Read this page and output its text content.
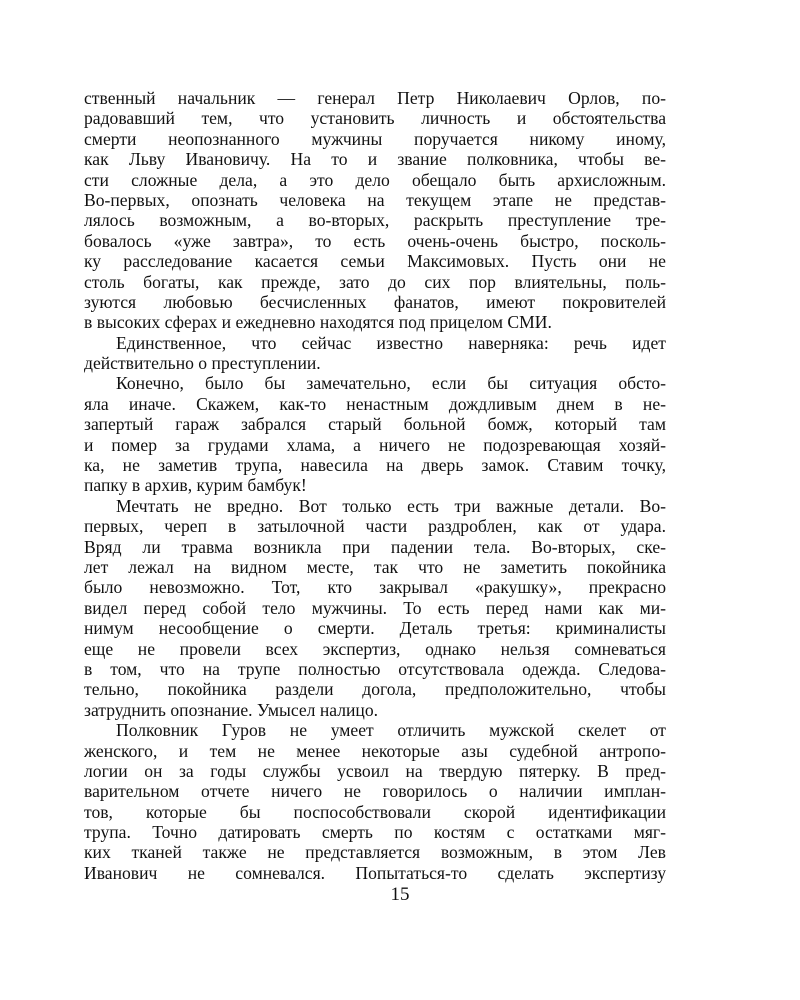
ственный начальник — генерал Петр Николаевич Орлов, по-
радовавший тем, что установить личность и обстоятельства
смерти неопознанного мужчины поручается никому иному,
как Льву Ивановичу. На то и звание полковника, чтобы ве-
сти сложные дела, а это дело обещало быть архисложным.
Во-первых, опознать человека на текущем этапе не представ-
лялось возможным, а во-вторых, раскрыть преступление тре-
бовалось «уже завтра», то есть очень-очень быстро, посколь-
ку расследование касается семьи Максимовых. Пусть они не
столь богаты, как прежде, зато до сих пор влиятельны, поль-
зуются любовью бесчисленных фанатов, имеют покровителей
в высоких сферах и ежедневно находятся под прицелом СМИ.
Единственное, что сейчас известно наверняка: речь идет
действительно о преступлении.
Конечно, было бы замечательно, если бы ситуация обсто-
яла иначе. Скажем, как-то ненастным дождливым днем в не-
запертый гараж забрался старый больной бомж, который там
и помер за грудами хлама, а ничего не подозревающая хозяй-
ка, не заметив трупа, навесила на дверь замок. Ставим точку,
папку в архив, курим бамбук!
Мечтать не вредно. Вот только есть три важные детали. Во-
первых, череп в затылочной части раздроблен, как от удара.
Вряд ли травма возникла при падении тела. Во-вторых, ске-
лет лежал на видном месте, так что не заметить покойника
было невозможно. Тот, кто закрывал «ракушку», прекрасно
видел перед собой тело мужчины. То есть перед нами как ми-
нимум несообщение о смерти. Деталь третья: криминалисты
еще не провели всех экспертиз, однако нельзя сомневаться
в том, что на трупе полностью отсутствовала одежда. Следова-
тельно, покойника раздели догола, предположительно, чтобы
затруднить опознание. Умысел налицо.
Полковник Гуров не умеет отличить мужской скелет от
женского, и тем не менее некоторые азы судебной антропо-
логии он за годы службы усвоил на твердую пятерку. В пред-
варительном отчете ничего не говорилось о наличии имплан-
тов, которые бы поспособствовали скорой идентификации
трупа. Точно датировать смерть по костям с остатками мяг-
ких тканей также не представляется возможным, в этом Лев
Иванович не сомневался. Попытаться-то сделать экспертизу
15
